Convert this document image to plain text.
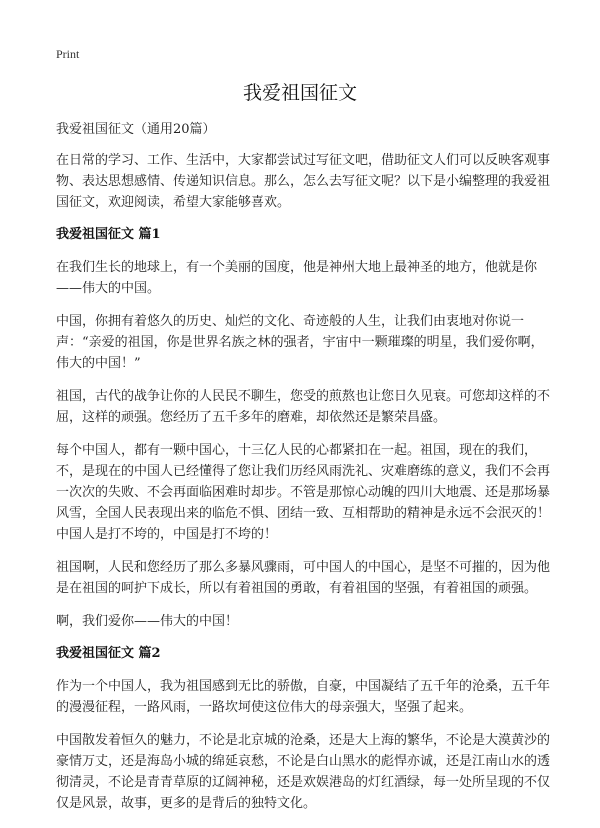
Print
我爱祖国征文

我爱祖国征文（通用20篇）

在日常的学习、工作、生活中，大家都尝试过写征文吧，借助征文人们可以反映客观事物、表达思想感情、传递知识信息。那么，怎么去写征文呢？以下是小编整理的我爱祖国征文，欢迎阅读，希望大家能够喜欢。

我爱祖国征文 篇1

在我们生长的地球上，有一个美丽的国度，他是神州大地上最神圣的地方，他就是你——伟大的中国。

中国，你拥有着悠久的历史、灿烂的文化、奇迹般的人生，让我们由衷地对你说一声：“亲爱的祖国，你是世界名族之林的强者，宇宙中一颗璀璨的明星，我们爱你啊，伟大的中国！”

祖国，古代的战争让你的人民民不聊生，您受的煎熬也让您日久见衰。可您却这样的不屈，这样的顽强。您经历了五千多年的磨难，却依然还是繁荣昌盛。

每个中国人，都有一颗中国心，十三亿人民的心都紧扣在一起。祖国，现在的我们，不，是现在的中国人已经懂得了您让我们历经风雨洗礼、灾难磨练的意义，我们不会再一次次的失败、不会再面临困难时却步。不管是那惊心动魄的四川大地震、还是那场暴风雪，全国人民表现出来的临危不惧、团结一致、互相帮助的精神是永远不会泯灭的！中国人是打不垮的，中国是打不垮的！

祖国啊，人民和您经历了那么多暴风骤雨，可中国人的中国心，是坚不可摧的，因为他是在祖国的呵护下成长，所以有着祖国的勇敢，有着祖国的坚强，有着祖国的顽强。

啊，我们爱你——伟大的中国！

我爱祖国征文 篇2

作为一个中国人，我为祖国感到无比的骄傲，自豪，中国凝结了五千年的沧桑，五千年的漫漫征程，一路风雨，一路坎坷使这位伟大的母亲强大，坚强了起来。

中国散发着恒久的魅力，不论是北京城的沧桑，还是大上海的繁华，不论是大漠黄沙的豪情万丈，还是海岛小城的绵延哀愁，不论是白山黑水的彪悍亦诚，还是江南山水的透彻清灵，不论是青青草原的辽阔神秘，还是欢娱港岛的灯红酒绿，每一处所呈现的不仅仅是风景，故事，更多的是背后的独特文化。
